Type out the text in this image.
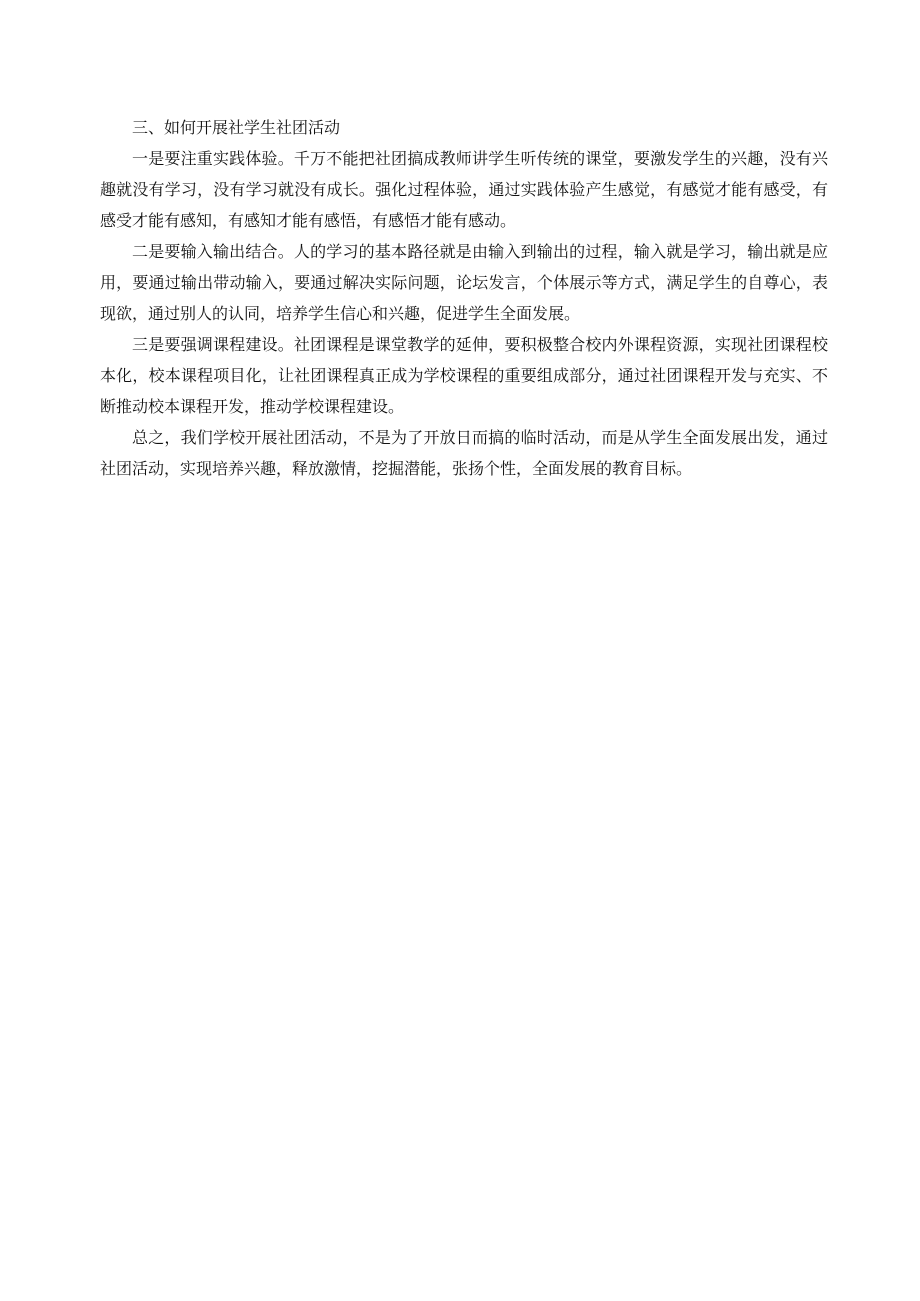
三、如何开展社学生社团活动

一是要注重实践体验。千万不能把社团搞成教师讲学生听传统的课堂，要激发学生的兴趣，没有兴趣就没有学习，没有学习就没有成长。强化过程体验，通过实践体验产生感觉，有感觉才能有感受，有感受才能有感知，有感知才能有感悟，有感悟才能有感动。

二是要输入输出结合。人的学习的基本路径就是由输入到输出的过程，输入就是学习，输出就是应用，要通过输出带动输入，要通过解决实际问题，论坛发言，个体展示等方式，满足学生的自尊心，表现欲，通过别人的认同，培养学生信心和兴趣，促进学生全面发展。

三是要强调课程建设。社团课程是课堂教学的延伸，要积极整合校内外课程资源，实现社团课程校本化，校本课程项目化，让社团课程真正成为学校课程的重要组成部分，通过社团课程开发与充实、不断推动校本课程开发，推动学校课程建设。

总之，我们学校开展社团活动，不是为了开放日而搞的临时活动，而是从学生全面发展出发，通过社团活动，实现培养兴趣，释放激情，挖掘潜能，张扬个性，全面发展的教育目标。
